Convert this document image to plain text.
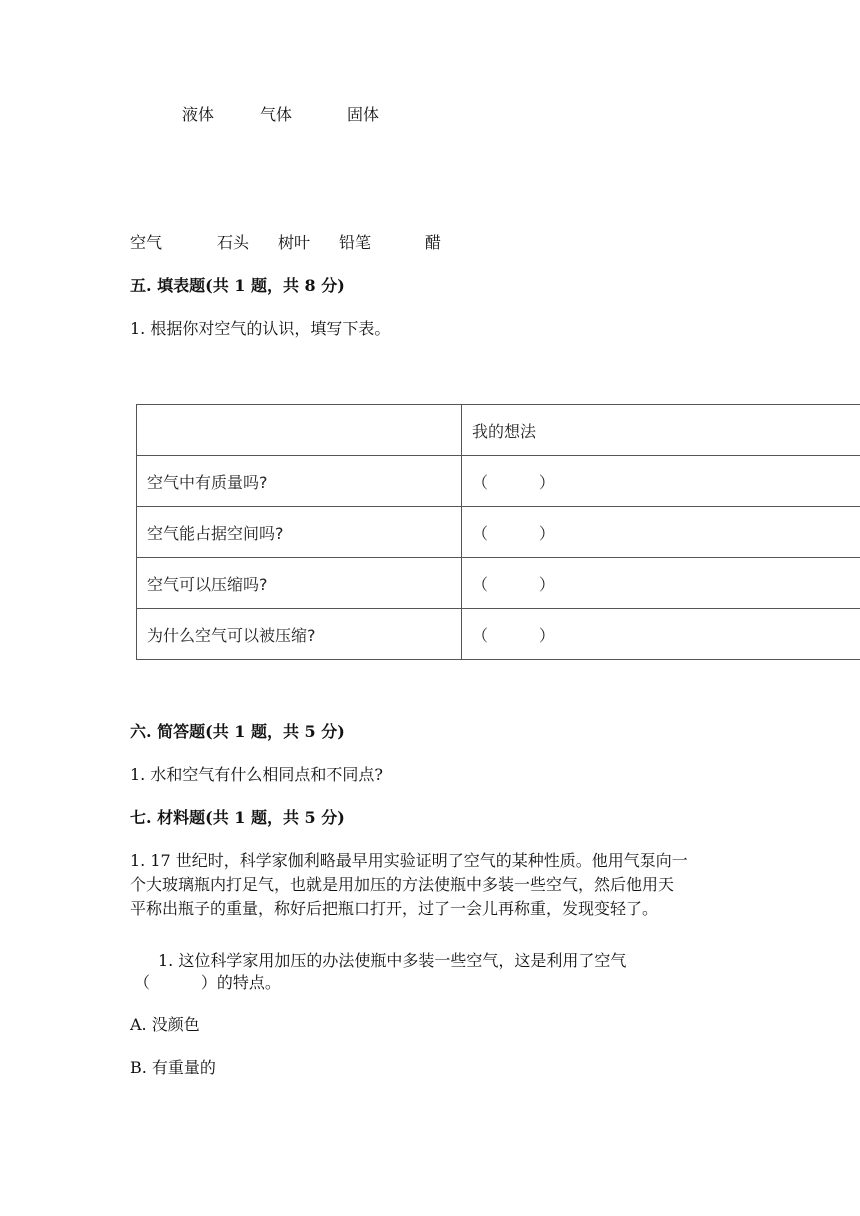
液体	气体	固体
空气	石头 树叶 铅笔	醋
五. 填表题(共 1 题，共 8 分)
1. 根据你对空气的认识，填写下表。
	我的想法
空气中有质量吗?	（          ）
空气能占据空间吗?	（          ）
空气可以压缩吗?	（          ）
为什么空气可以被压缩?	（          ）
六. 简答题(共 1 题，共 5 分)
1. 水和空气有什么相同点和不同点?
七. 材料题(共 1 题，共 5 分)
1. 17 世纪时，科学家伽利略最早用实验证明了空气的某种性质。他用气泵向一
个大玻璃瓶内打足气，也就是用加压的方法使瓶中多装一些空气，然后他用天
平称出瓶子的重量，称好后把瓶口打开，过了一会儿再称重，发现变轻了。
1. 这位科学家用加压的办法使瓶中多装一些空气，这是利用了空气
（          ）的特点。
A. 没颜色
B. 有重量的
